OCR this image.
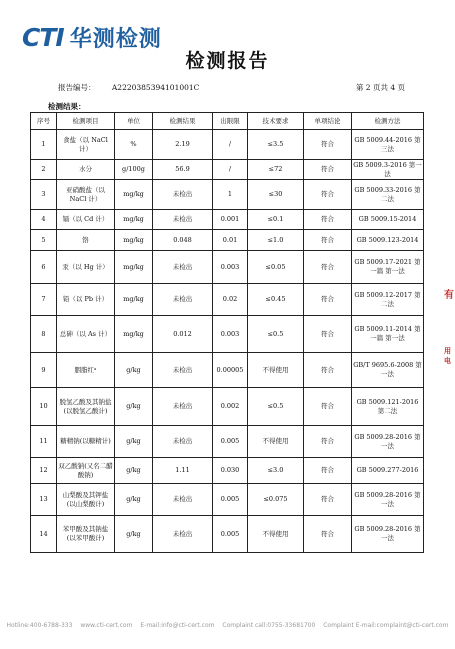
CTI 华测检测
检测报告
报告编号： A2220385394101001C	第 2 页共 4 页
检测结果：
序号	检测项目	单位	检测结果	出限限	技术要求	单项结论	检测方法
1	食盐（以 NaCl 计）	%	2.19	/	≤3.5	符合	GB 5009.44-2016 第三法
2	水分	g/100g	56.9	/	≤72	符合	GB 5009.3-2016 第一法
3	亚硝酸盐（以 NaCl 计）	mg/kg	未检出	1	≤30	符合	GB 5009.33-2016 第二法
4	镉（以 Cd 计）	mg/kg	未检出	0.001	≤0.1	符合	GB 5009.15-2014
5	铬	mg/kg	0.048	0.01	≤1.0	符合	GB 5009.123-2014
6	汞（以 Hg 计）	mg/kg	未检出	0.003	≤0.05	符合	GB 5009.17-2021 第一篇 第一法
7	铅（以 Pb 计）	mg/kg	未检出	0.02	≤0.45	符合	GB 5009.12-2017 第二法
8	总砷（以 As 计）	mg/kg	0.012	0.003	≤0.5	符合	GB 5009.11-2014 第一篇 第一法
9	胭脂红ᵃ	g/kg	未检出	0.00005	不得使用	符合	GB/T 9695.6-2008 第一法
10	脱氢乙酸及其钠盐(以脱氢乙酸计)	g/kg	未检出	0.002	≤0.5	符合	GB 5009.121-2016 第二法
11	糖精钠(以糖精计)	g/kg	未检出	0.005	不得使用	符合	GB 5009.28-2016 第一法
12	双乙酸钠(又名二醋酸钠)	g/kg	1.11	0.030	≤3.0	符合	GB 5009.277-2016
13	山梨酸及其钾盐 (以山梨酸计)	g/kg	未检出	0.005	≤0.075	符合	GB 5009.28-2016 第一法
14	苯甲酸及其钠盐 (以苯甲酸计)	g/kg	未检出	0.005	不得使用	符合	GB 5009.28-2016 第一法
有
用电
Hotline:400-6788-333 www.cti-cert.com E-mail:info@cti-cert.com Complaint call:0755-33681700 Complaint E-mail:complaint@cti-cert.com
